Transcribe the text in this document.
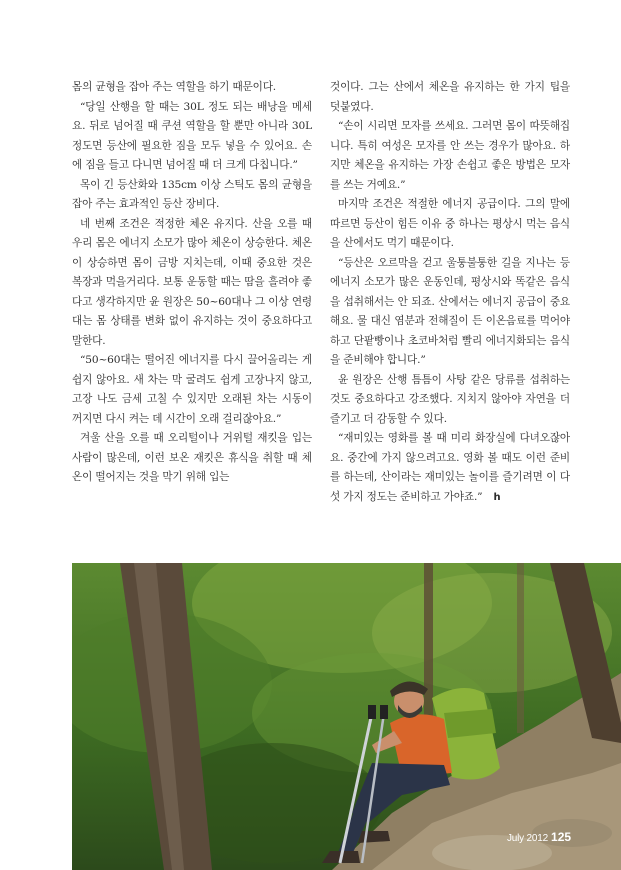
몸의 균형을 잡아 주는 역할을 하기 때문이다.

“당일 산행을 할 때는 30L 정도 되는 배낭을 메세요. 뒤로 넘어질 때 쿠션 역할을 할 뿐만 아니라 30L 정도면 등산에 필요한 짐을 모두 넣을 수 있어요. 손에 짐을 들고 다니면 넘어질 때 더 크게 다칩니다.”

목이 긴 등산화와 135cm 이상 스틱도 몸의 균형을 잡아 주는 효과적인 등산 장비다.

네 번째 조건은 적정한 체온 유지다. 산을 오를 때 우리 몸은 에너지 소모가 많아 체온이 상승한다. 체온이 상승하면 몸이 금방 지치는데, 이때 중요한 것은 복장과 먹을거리다. 보통 운동할 때는 땀을 흘려야 좋다고 생각하지만 윤 원장은 50~60대나 그 이상 연령대는 몸 상태를 변화 없이 유지하는 것이 중요하다고 말한다.

“50~60대는 떨어진 에너지를 다시 끌어올리는 게 쉽지 않아요. 새 차는 막 굴려도 쉽게 고장나지 않고, 고장 나도 금세 고칠 수 있지만 오래된 차는 시동이 꺼지면 다시 켜는 데 시간이 오래 걸리잖아요.”

겨울 산을 오를 때 오리털이나 거위털 재킷을 입는 사람이 많은데, 이런 보온 재킷은 휴식을 취할 때 체온이 떨어지는 것을 막기 위해 입는

것이다. 그는 산에서 체온을 유지하는 한 가지 팁을 덧붙였다.

“손이 시리면 모자를 쓰세요. 그러면 몸이 따뜻해집니다. 특히 여성은 모자를 안 쓰는 경우가 많아요. 하지만 체온을 유지하는 가장 손쉽고 좋은 방법은 모자를 쓰는 거예요.”

마지막 조건은 적절한 에너지 공급이다. 그의 말에 따르면 등산이 힘든 이유 중 하나는 평상시 먹는 음식을 산에서도 먹기 때문이다.

“등산은 오르막을 걷고 울퉁불퉁한 길을 지나는 등 에너지 소모가 많은 운동인데, 평상시와 똑같은 음식을 섭취해서는 안 되죠. 산에서는 에너지 공급이 중요해요. 물 대신 염분과 전해질이 든 이온음료를 먹어야 하고 단팥빵이나 초코바처럼 빨리 에너지화되는 음식을 준비해야 합니다.”

윤 원장은 산행 틈틈이 사탕 같은 당류를 섭취하는 것도 중요하다고 강조했다. 지치지 않아야 자연을 더 즐기고 더 감동할 수 있다.

“재미있는 영화를 볼 때 미리 화장실에 다녀오잖아요. 중간에 가지 않으려고요. 영화 볼 때도 이런 준비를 하는데, 산이라는 재미있는 놀이를 즐기려면 이 다섯 가지 정도는 준비하고 가야죠.” h

July 2012 125
